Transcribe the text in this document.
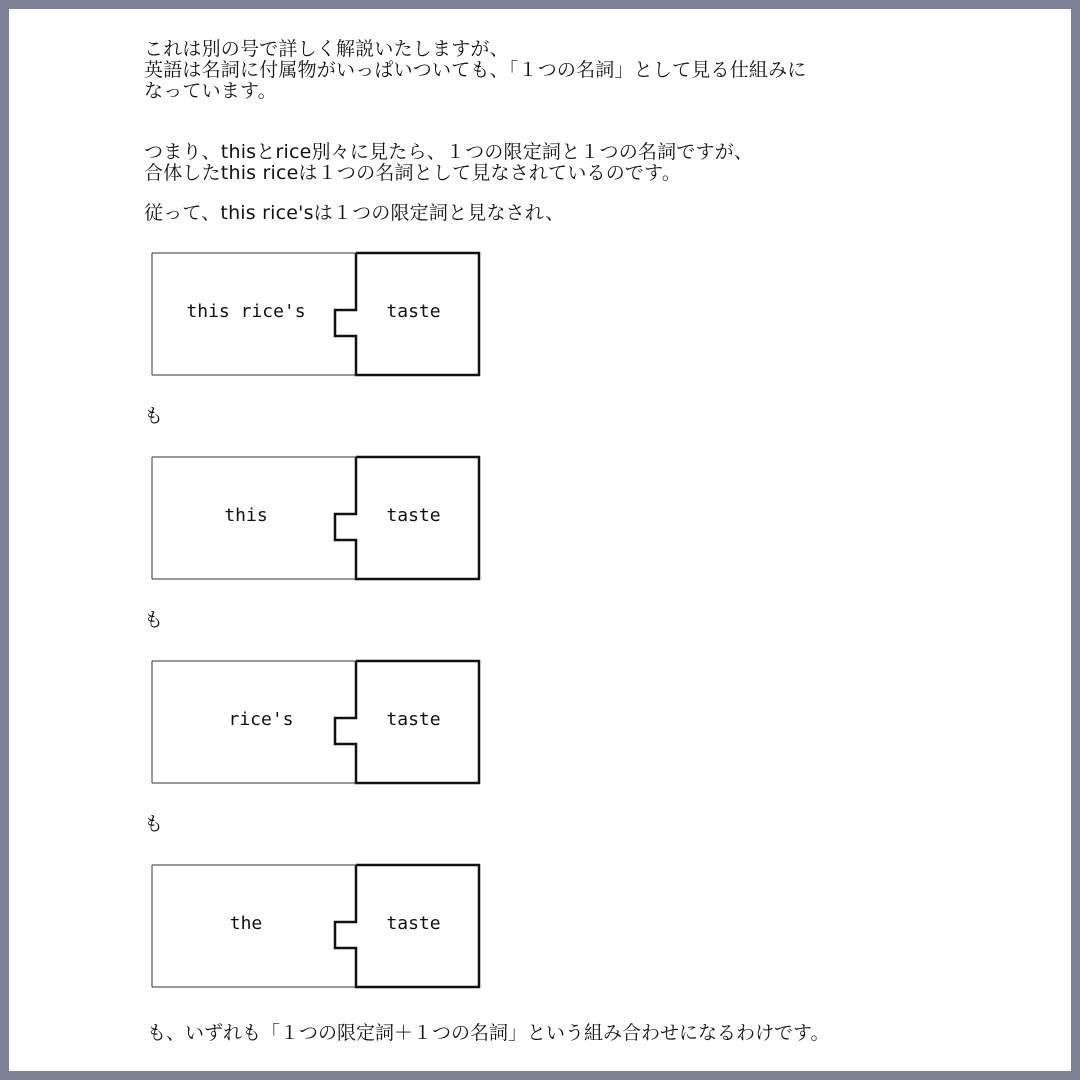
これは別の号で詳しく解説いたしますが、
英語は名詞に付属物がいっぱいついても、「１つの名詞」として見る仕組みに
なっています。
つまり、thisとrice別々に見たら、１つの限定詞と１つの名詞ですが、
合体したthis riceは１つの名詞として見なされているのです。
従って、this rice'sは１つの限定詞と見なされ、
this rice's	taste
も
this	taste
も
rice's	taste
も
the	taste
も、いずれも「１つの限定詞＋１つの名詞」という組み合わせになるわけです。
